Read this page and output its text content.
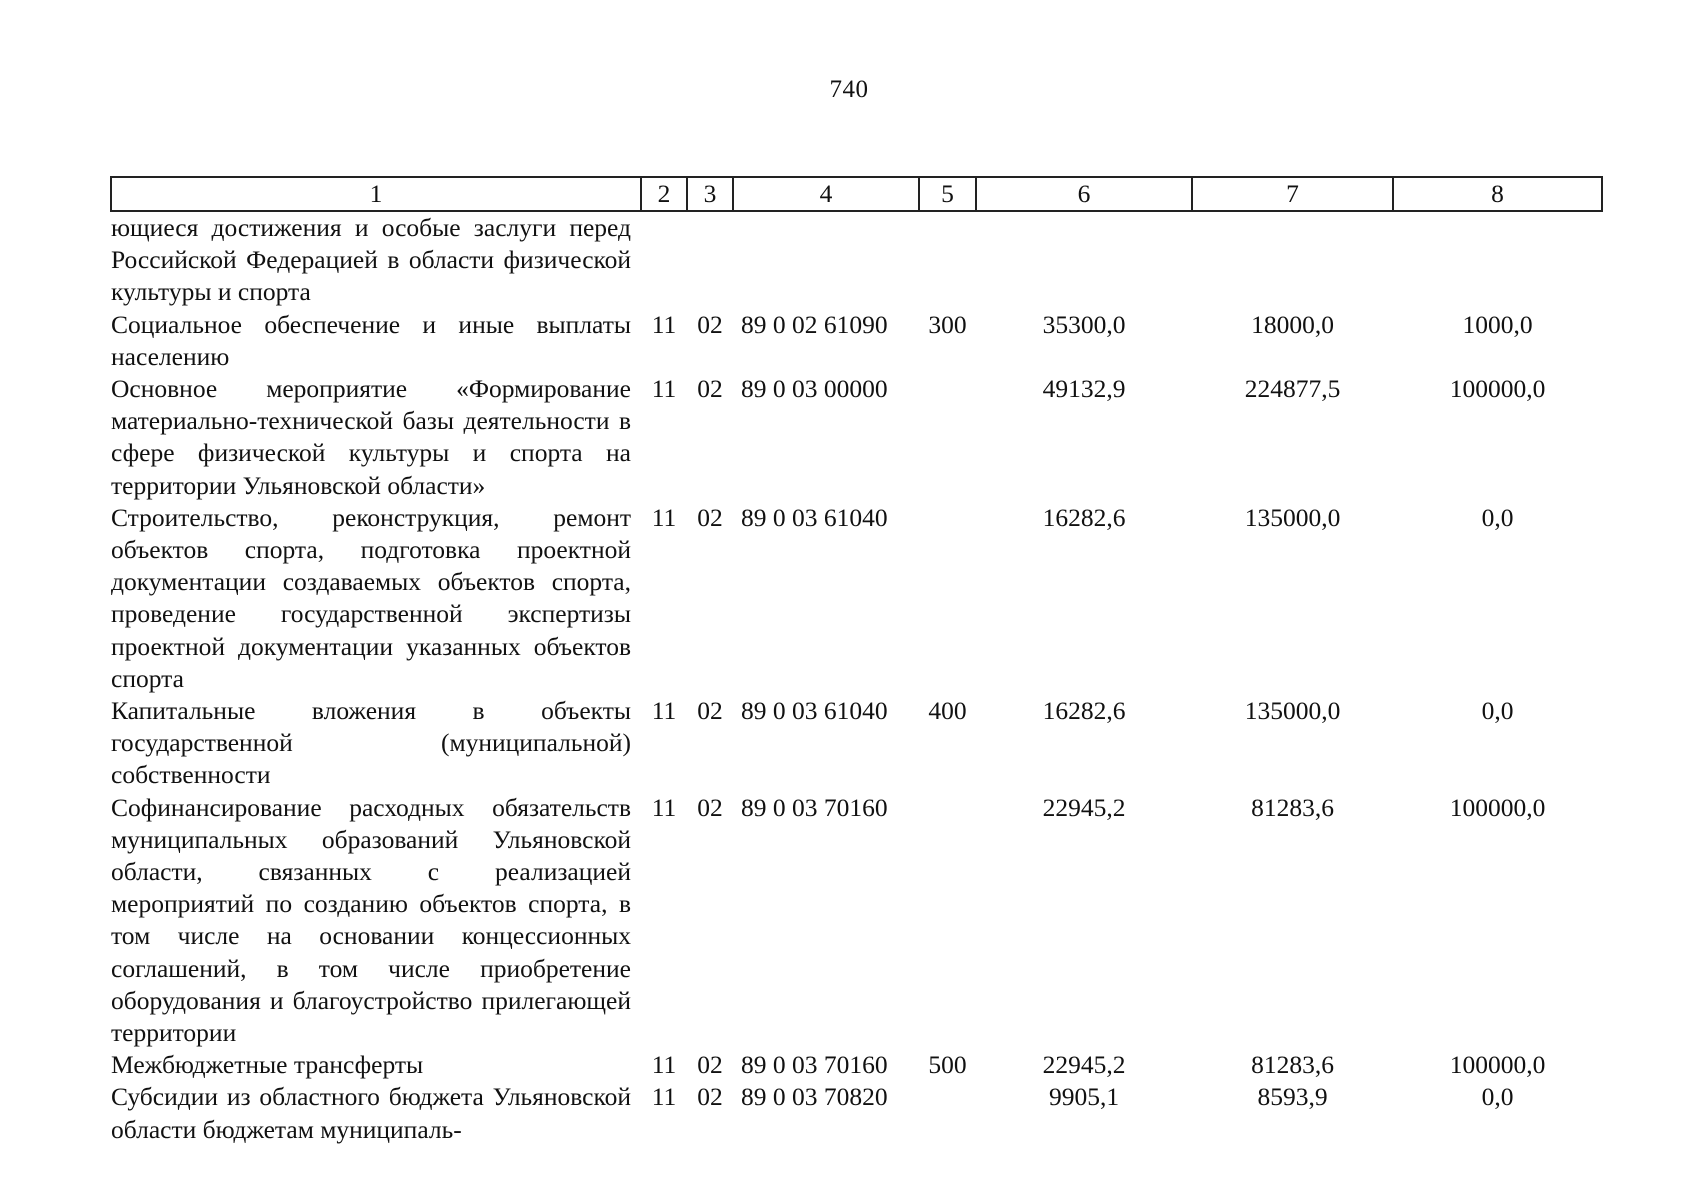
740
1	2	3	4	5	6	7	8
ющиеся достижения и особые заслуги перед Российской Федерацией в области физической культуры и спорта							
Социальное обеспечение и иные выплаты населению	11	02	89 0 02 61090	300	35300,0	18000,0	1000,0
Основное мероприятие «Формирование материально-технической базы деятельности в сфере физической культуры и спорта на территории Ульяновской области»	11	02	89 0 03 00000		49132,9	224877,5	100000,0
Строительство, реконструкция, ремонт объектов спорта, подготовка проектной документации создаваемых объектов спорта, проведение государственной экспертизы проектной документации указанных объектов спорта	11	02	89 0 03 61040		16282,6	135000,0	0,0
Капитальные вложения в объекты государственной (муниципальной) собственности	11	02	89 0 03 61040	400	16282,6	135000,0	0,0
Софинансирование расходных обязательств муниципальных образований Ульяновской области, связанных с реализацией мероприятий по созданию объектов спорта, в том числе на основании концессионных соглашений, в том числе приобретение оборудования и благоустройство прилегающей территории	11	02	89 0 03 70160		22945,2	81283,6	100000,0
Межбюджетные трансферты	11	02	89 0 03 70160	500	22945,2	81283,6	100000,0
Субсидии из областного бюджета Ульяновской области бюджетам муниципаль-	11	02	89 0 03 70820		9905,1	8593,9	0,0
